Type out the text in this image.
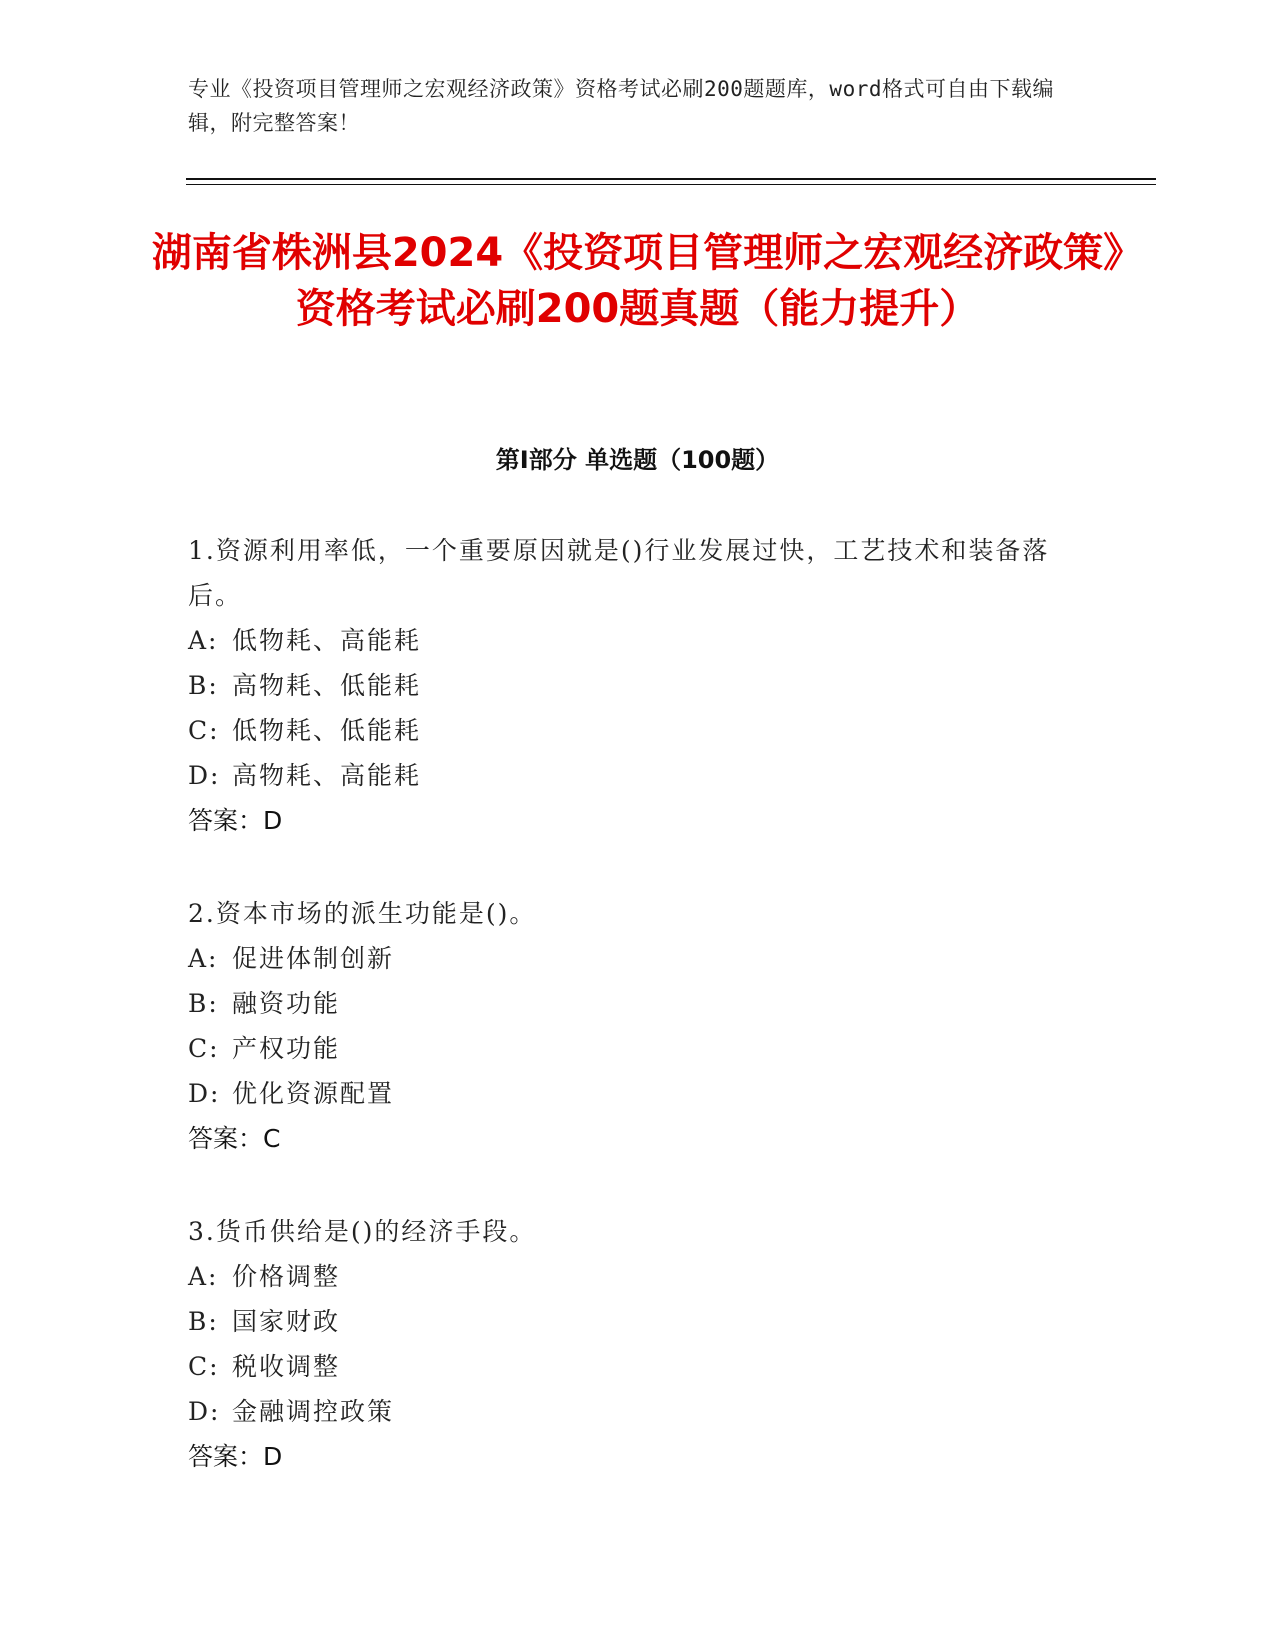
专业《投资项目管理师之宏观经济政策》资格考试必刷200题题库，word格式可自由下载编辑，附完整答案！
湖南省株洲县2024《投资项目管理师之宏观经济政策》资格考试必刷200题真题（能力提升）
第Ⅰ部分 单选题（100题）
1.资源利用率低，一个重要原因就是()行业发展过快，工艺技术和装备落后。
A: 低物耗、高能耗
B: 高物耗、低能耗
C: 低物耗、低能耗
D: 高物耗、高能耗
答案：D
2.资本市场的派生功能是()。
A: 促进体制创新
B: 融资功能
C: 产权功能
D: 优化资源配置
答案：C
3.货币供给是()的经济手段。
A: 价格调整
B: 国家财政
C: 税收调整
D: 金融调控政策
答案：D
